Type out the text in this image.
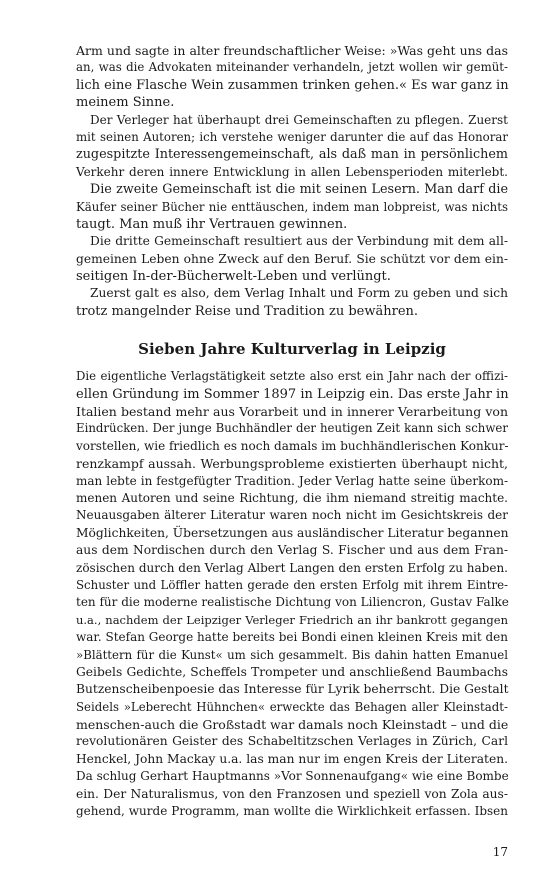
Arm und sagte in alter freundschaftlicher Weise: »Was geht uns das
an, was die Advokaten miteinander verhandeln, jetzt wollen wir gemüt-
lich eine Flasche Wein zusammen trinken gehen.« Es war ganz in
meinem Sinne.
Der Verleger hat überhaupt drei Gemeinschaften zu pflegen. Zuerst
mit seinen Autoren; ich verstehe weniger darunter die auf das Honorar
zugespitzte Interessengemeinschaft, als daß man in persönlichem
Verkehr deren innere Entwicklung in allen Lebensperioden miterlebt.
Die zweite Gemeinschaft ist die mit seinen Lesern. Man darf die
Käufer seiner Bücher nie enttäuschen, indem man lobpreist, was nichts
taugt. Man muß ihr Vertrauen gewinnen.
Die dritte Gemeinschaft resultiert aus der Verbindung mit dem all-
gemeinen Leben ohne Zweck auf den Beruf. Sie schützt vor dem ein-
seitigen In-der-Bücherwelt-Leben und verlüngt.
Zuerst galt es also, dem Verlag Inhalt und Form zu geben und sich
trotz mangelnder Reise und Tradition zu bewähren.
Sieben Jahre Kulturverlag in Leipzig
Die eigentliche Verlagstätigkeit setzte also erst ein Jahr nach der offizi-
ellen Gründung im Sommer 1897 in Leipzig ein. Das erste Jahr in
Italien bestand mehr aus Vorarbeit und in innerer Verarbeitung von
Eindrücken. Der junge Buchhändler der heutigen Zeit kann sich schwer
vorstellen, wie friedlich es noch damals im buchhändlerischen Konkur-
renzkampf aussah. Werbungsprobleme existierten überhaupt nicht,
man lebte in festgefügter Tradition. Jeder Verlag hatte seine überkom-
menen Autoren und seine Richtung, die ihm niemand streitig machte.
Neuausgaben älterer Literatur waren noch nicht im Gesichtskreis der
Möglichkeiten, Übersetzungen aus ausländischer Literatur begannen
aus dem Nordischen durch den Verlag S. Fischer und aus dem Fran-
zösischen durch den Verlag Albert Langen den ersten Erfolg zu haben.
Schuster und Löffler hatten gerade den ersten Erfolg mit ihrem Eintre-
ten für die moderne realistische Dichtung von Liliencron, Gustav Falke
u.a., nachdem der Leipziger Verleger Friedrich an ihr bankrott gegangen
war. Stefan George hatte bereits bei Bondi einen kleinen Kreis mit den
»Blättern für die Kunst« um sich gesammelt. Bis dahin hatten Emanuel
Geibels Gedichte, Scheffels Trompeter und anschließend Baumbachs
Butzenscheibenpoesie das Interesse für Lyrik beherrscht. Die Gestalt
Seidels »Leberecht Hühnchen« erweckte das Behagen aller Kleinstadt-
menschen-auch die Großstadt war damals noch Kleinstadt – und die
revolutionären Geister des Schabeltitzschen Verlages in Zürich, Carl
Henckel, John Mackay u.a. las man nur im engen Kreis der Literaten.
Da schlug Gerhart Hauptmanns »Vor Sonnenaufgang« wie eine Bombe
ein. Der Naturalismus, von den Franzosen und speziell von Zola aus-
gehend, wurde Programm, man wollte die Wirklichkeit erfassen. Ibsen
17
